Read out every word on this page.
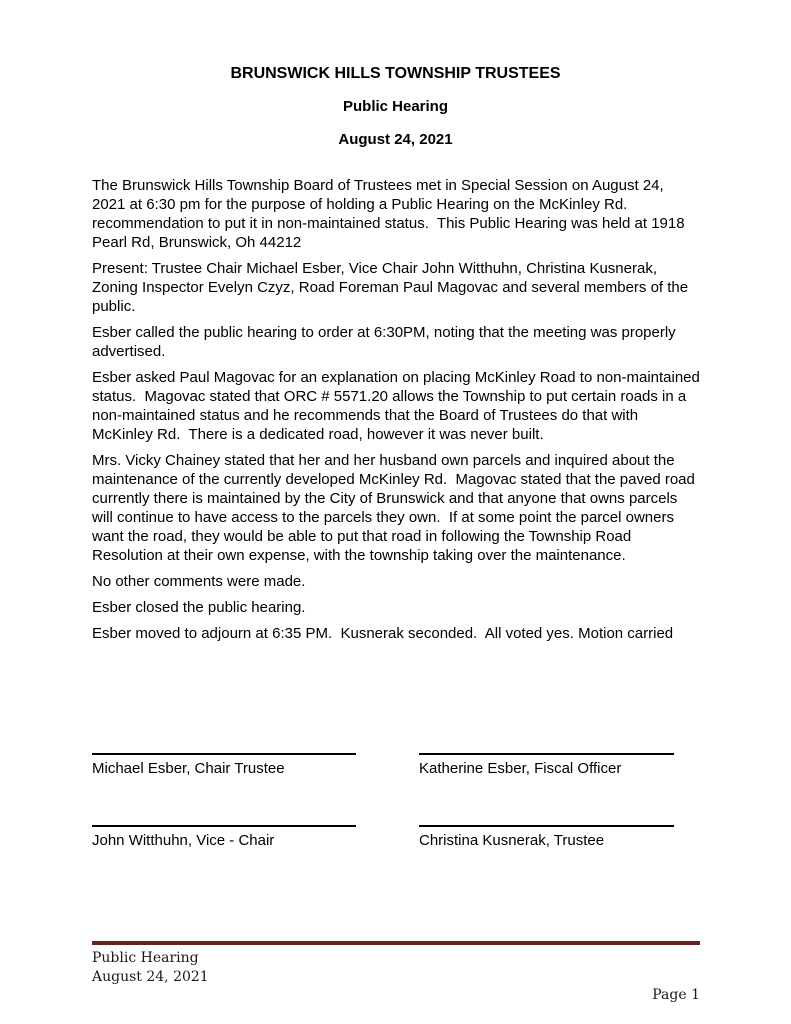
BRUNSWICK HILLS TOWNSHIP TRUSTEES
Public Hearing
August 24, 2021

The Brunswick Hills Township Board of Trustees met in Special Session on August 24, 2021 at 6:30 pm for the purpose of holding a Public Hearing on the McKinley Rd. recommendation to put it in non-maintained status.  This Public Hearing was held at 1918 Pearl Rd, Brunswick, Oh 44212

Present: Trustee Chair Michael Esber, Vice Chair John Witthuhn, Christina Kusnerak, Zoning Inspector Evelyn Czyz, Road Foreman Paul Magovac and several members of the public.

Esber called the public hearing to order at 6:30PM, noting that the meeting was properly advertised.

Esber asked Paul Magovac for an explanation on placing McKinley Road to non-maintained status.  Magovac stated that ORC # 5571.20 allows the Township to put certain roads in a non-maintained status and he recommends that the Board of Trustees do that with McKinley Rd.  There is a dedicated road, however it was never built.

Mrs. Vicky Chainey stated that her and her husband own parcels and inquired about the maintenance of the currently developed McKinley Rd.  Magovac stated that the paved road currently there is maintained by the City of Brunswick and that anyone that owns parcels will continue to have access to the parcels they own.  If at some point the parcel owners want the road, they would be able to put that road in following the Township Road Resolution at their own expense, with the township taking over the maintenance.

No other comments were made.

Esber closed the public hearing.

Esber moved to adjourn at 6:35 PM.  Kusnerak seconded.  All voted yes. Motion carried

Michael Esber, Chair Trustee	Katherine Esber, Fiscal Officer
John Witthuhn, Vice - Chair	Christina Kusnerak, Trustee
Public Hearing
August 24, 2021
Page 1
